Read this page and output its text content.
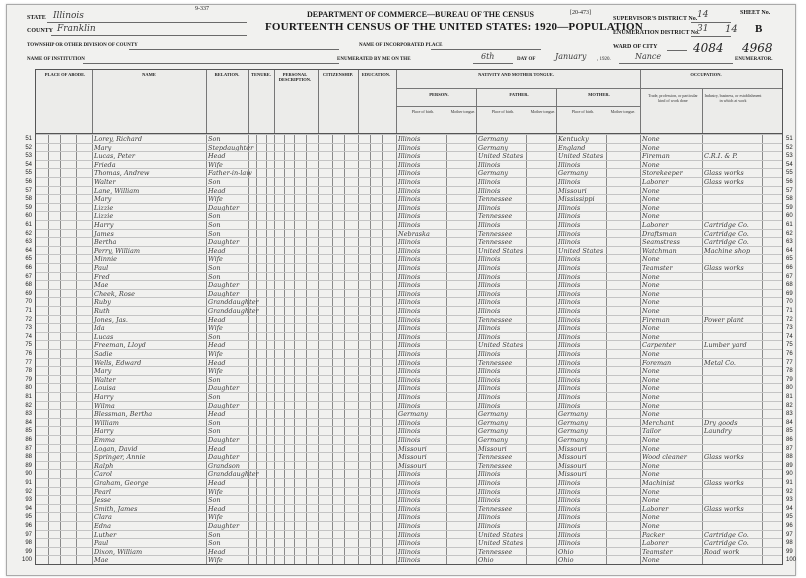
9-337
DEPARTMENT OF COMMERCE—BUREAU OF THE CENSUS
FOURTEENTH CENSUS OF THE UNITED STATES: 1920—POPULATION
[20-473]
STATE Illinois
COUNTY Franklin
TOWNSHIP OR OTHER DIVISION OF COUNTY
NAME OF INSTITUTION
NAME OF INCORPORATED PLACE
ENUMERATED BY ME ON THE	6th	DAY OF January , 1920.	Nance	ENUMERATOR.
SUPERVISOR'S DISTRICT No. 14
ENUMERATION DISTRICT No.
31
WARD OF CITY
SHEET No.
14 B
4084 4968
PLACE OF ABODE.	NAME	RELATION.	TENURE.	PERSONAL DESCRIPTION.
CITIZENSHIP.	EDUCATION.	NATIVITY AND MOTHER TONGUE.	OCCUPATION.
PERSON.	FATHER.	MOTHER.
Place of birth.	Mother tongue.	Place of birth.	Mother tongue.	Place of birth.	Mother tongue.
Trade, profession, or particular kind of work done
Industry, business, or establishment in which at work
51	Lorey, Richard	Son	Illinois	Germany	Kentucky	None	51
52	Mary	Stepdaughter	Illinois	Germany	England	None	52
53	Lucas, Peter	Head	Illinois	United States	United States	Fireman	C.R.I. & P.	53
54	Frieda	Wife	Illinois	Illinois	Illinois	None	54
55	Thomas, Andrew	Father-in-law	Illinois	Germany	Germany	Storekeeper	Glass works	55
56	Walter	Son	Illinois	Illinois	Illinois	Laborer	Glass works	56
57	Lane, William	Head	Illinois	Illinois	Missouri	None	57
58	Mary	Wife	Illinois	Tennessee	Mississippi	None	58
59	Lizzie	Daughter	Illinois	Illinois	Illinois	None	59
60	Lizzie	Son	Illinois	Tennessee	Illinois	None	60
61	Harry	Son	Illinois	Illinois	Illinois	Laborer	Cartridge Co.	61
62	James	Son	Nebraska	Tennessee	Illinois	Draftsman	Cartridge Co.	62
63	Bertha	Daughter	Illinois	Tennessee	Illinois	Seamstress	Cartridge Co.	63
64	Perry, William	Head	Illinois	United States	United States	Watchman	Machine shop	64
65	Minnie	Wife	Illinois	Illinois	Illinois	None	65
66	Paul	Son	Illinois	Illinois	Illinois	Teamster	Glass works	66
67	Fred	Son	Illinois	Illinois	Illinois	None	67
68	Mae	Daughter	Illinois	Illinois	Illinois	None	68
69	Cheek, Rose	Daughter	Illinois	Illinois	Illinois	None	69
70	Ruby	Granddaughter	Illinois	Illinois	Illinois	None	70
71	Ruth	Granddaughter	Illinois	Illinois	Illinois	None	71
72	Jones, Jas.	Head	Illinois	Tennessee	Illinois	Fireman	Power plant	72
73	Ida	Wife	Illinois	Illinois	Illinois	None	73
74	Lucas	Son	Illinois	Illinois	Illinois	None	74
75	Freeman, Lloyd	Head	Illinois	United States	Illinois	Carpenter	Lumber yard	75
76	Sadie	Wife	Illinois	Illinois	Illinois	None	76
77	Wells, Edward	Head	Illinois	Tennessee	Illinois	Foreman	Metal Co.	77
78	Mary	Wife	Illinois	Illinois	Illinois	None	78
79	Walter	Son	Illinois	Illinois	Illinois	None	79
80	Louisa	Daughter	Illinois	Illinois	Illinois	None	80
81	Harry	Son	Illinois	Illinois	Illinois	None	81
82	Wilma	Daughter	Illinois	Illinois	Illinois	None	82
83	Blessman, Bertha	Head	Germany	Germany	Germany	None	83
84	William	Son	Illinois	Germany	Germany	Merchant	Dry goods	84
85	Harry	Son	Illinois	Germany	Germany	Tailor	Laundry	85
86	Emma	Daughter	Illinois	Germany	Germany	None	86
87	Logan, David	Head	Missouri	Missouri	Missouri	None	87
88	Springer, Annie	Daughter	Missouri	Tennessee	Missouri	Wood cleaner	Glass works	88
89	Ralph	Grandson	Missouri	Tennessee	Missouri	None	89
90	Carol	Granddaughter	Illinois	Illinois	Missouri	None	90
91	Graham, George	Head	Illinois	Illinois	Illinois	Machinist	Glass works	91
92	Pearl	Wife	Illinois	Illinois	Illinois	None	92
93	Jesse	Son	Illinois	Illinois	Illinois	None	93
94	Smith, James	Head	Illinois	Tennessee	Illinois	Laborer	Glass works	94
95	Clara	Wife	Illinois	Illinois	Illinois	None	95
96	Edna	Daughter	Illinois	Illinois	Illinois	None	96
97	Luther	Son	Illinois	United States	Illinois	Packer	Cartridge Co.	97
98	Paul	Son	Illinois	United States	Illinois	Laborer	Cartridge Co.	98
99	Dixon, William	Head	Illinois	Tennessee	Ohio	Teamster	Road work	99
100	Mae	Wife	Illinois	Ohio	Ohio	None	100
